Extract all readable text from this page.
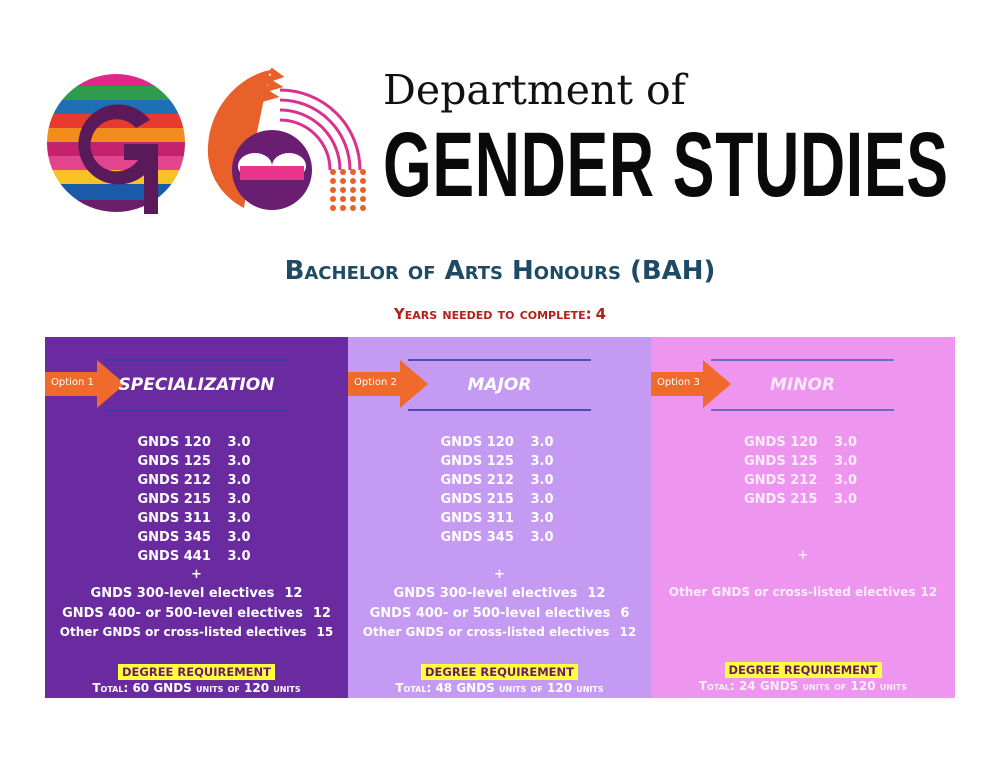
Department of
GENDER STUDIES
Bachelor of Arts Honours (BAH)
Years needed to complete: 4
Option 1	SPECIALIZATION
GNDS 120	3.0
GNDS 125	3.0
GNDS 212	3.0
GNDS 215	3.0
GNDS 311	3.0
GNDS 345	3.0
GNDS 441	3.0
+
GNDS 300-level electives 12
GNDS 400- or 500-level electives 12
Other GNDS or cross-listed electives 15
DEGREE REQUIREMENT
Total: 60 GNDS units of 120 units
Option 2	MAJOR
GNDS 120	3.0
GNDS 125	3.0
GNDS 212	3.0
GNDS 215	3.0
GNDS 311	3.0
GNDS 345	3.0
+
GNDS 300-level electives 12
GNDS 400- or 500-level electives 6
Other GNDS or cross-listed electives 12
DEGREE REQUIREMENT
Total: 48 GNDS units of 120 units
Option 3	MINOR
GNDS 120	3.0
GNDS 125	3.0
GNDS 212	3.0
GNDS 215	3.0
+
Other GNDS or cross-listed electives 12
DEGREE REQUIREMENT
Total: 24 GNDS units of 120 units
